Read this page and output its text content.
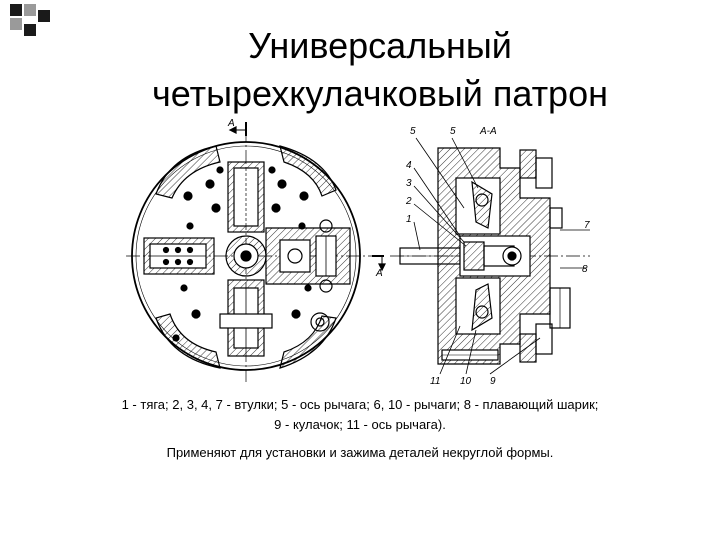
Универсальный
четырехкулачковый патрон
А-А
А
А
5	5
4
3
2
1
7
8
11 10 9
1 - тяга; 2, 3, 4, 7 - втулки; 5 - ось рычага; 6, 10 - рычаги; 8 - плавающий шарик;
9 - кулачок; 11 - ось рычага).
Применяют для установки и зажима деталей некруглой формы.
